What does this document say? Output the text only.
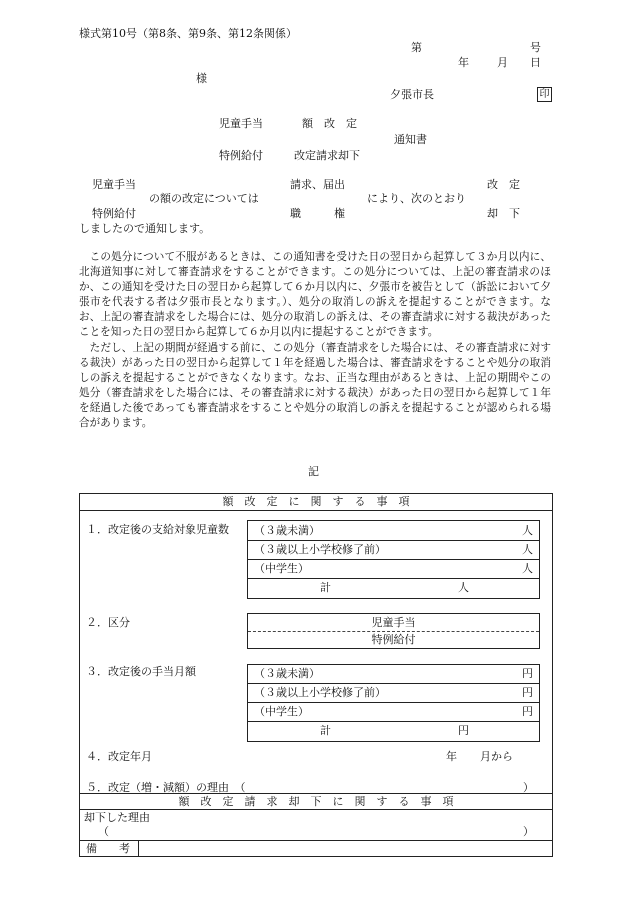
様式第10号（第8条、第9条、第12条関係）
第	号
年	月 日
様
夕張市長	印
児童手当
特例給付
額　改　定
改定請求却下
通知書
児童手当
特例給付
の額の改定については
請求、届出
職　　　権
により、次のとおり
改　定
却　下
しましたので通知します。

この処分について不服があるときは、この通知書を受けた日の翌日から起算して３か月以内に、北海道知事に対して審査請求をすることができます。この処分については、上記の審査請求のほか、この通知を受けた日の翌日から起算して６か月以内に、夕張市を被告として（訴訟において夕張市を代表する者は夕張市長となります。）、処分の取消しの訴えを提起することができます。なお、上記の審査請求をした場合には、処分の取消しの訴えは、その審査請求に対する裁決があったことを知った日の翌日から起算して６か月以内に提起することができます。

ただし、上記の期間が経過する前に、この処分（審査請求をした場合には、その審査請求に対する裁決）があった日の翌日から起算して１年を経過した場合は、審査請求をすることや処分の取消しの訴えを提起することができなくなります。なお、正当な理由があるときは、上記の期間やこの処分（審査請求をした場合には、その審査請求に対する裁決）があった日の翌日から起算して１年を経過した後であっても審査請求をすることや処分の取消しの訴えを提起することが認められる場合があります。

記
額　改　定　に　関　す　る　事　項
１．改定後の支給対象児童数 （３歳未満）	人
（３歳以上小学校修了前）	人
（中学生）	人
計	人
２．区分	児童手当
特例給付
３．改定後の手当月額	（３歳未満）	円
（３歳以上小学校修了前）	円
（中学生）	円
計	円
４．改定年月	年 月から
５．改定（増・減額）の理由　（	）
額　改　定　請　求　却　下　に　関　す　る　事　項
却下した理由
（	）
備　　考
